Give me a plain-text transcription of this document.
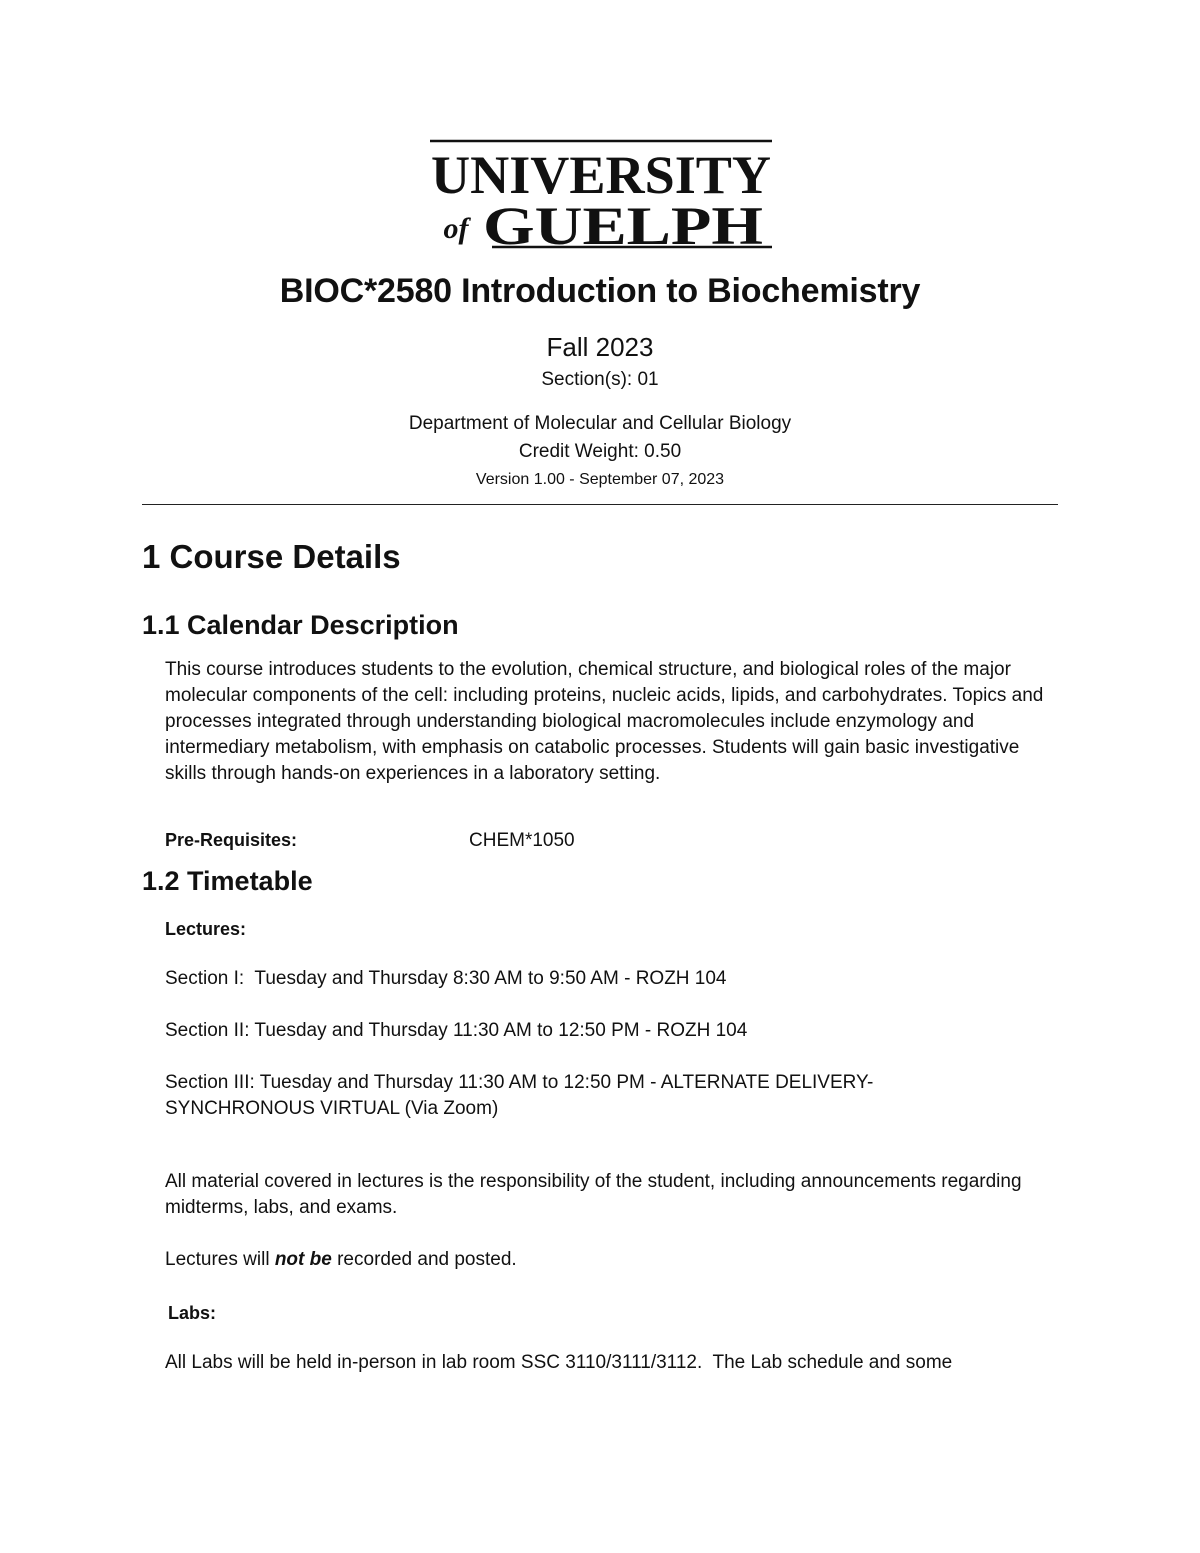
UNIVERSITY
of GUELPH
BIOC*2580 Introduction to Biochemistry
Fall 2023
Section(s): 01
Department of Molecular and Cellular Biology
Credit Weight: 0.50
Version 1.00 - September 07, 2023
1 Course Details
1.1 Calendar Description
This course introduces students to the evolution, chemical structure, and biological roles of the major molecular components of the cell: including proteins, nucleic acids, lipids, and carbohydrates. Topics and processes integrated through understanding biological macromolecules include enzymology and intermediary metabolism, with emphasis on catabolic processes. Students will gain basic investigative skills through hands-on experiences in a laboratory setting.
Pre-Requisites:	CHEM*1050
1.2 Timetable
Lectures:
Section I:  Tuesday and Thursday 8:30 AM to 9:50 AM - ROZH 104
Section II: Tuesday and Thursday 11:30 AM to 12:50 PM - ROZH 104
Section III: Tuesday and Thursday 11:30 AM to 12:50 PM - ALTERNATE DELIVERY-SYNCHRONOUS VIRTUAL (Via Zoom)
All material covered in lectures is the responsibility of the student, including announcements regarding midterms, labs, and exams.
Lectures will not be recorded and posted.
Labs:
All Labs will be held in-person in lab room SSC 3110/3111/3112.  The Lab schedule and some
